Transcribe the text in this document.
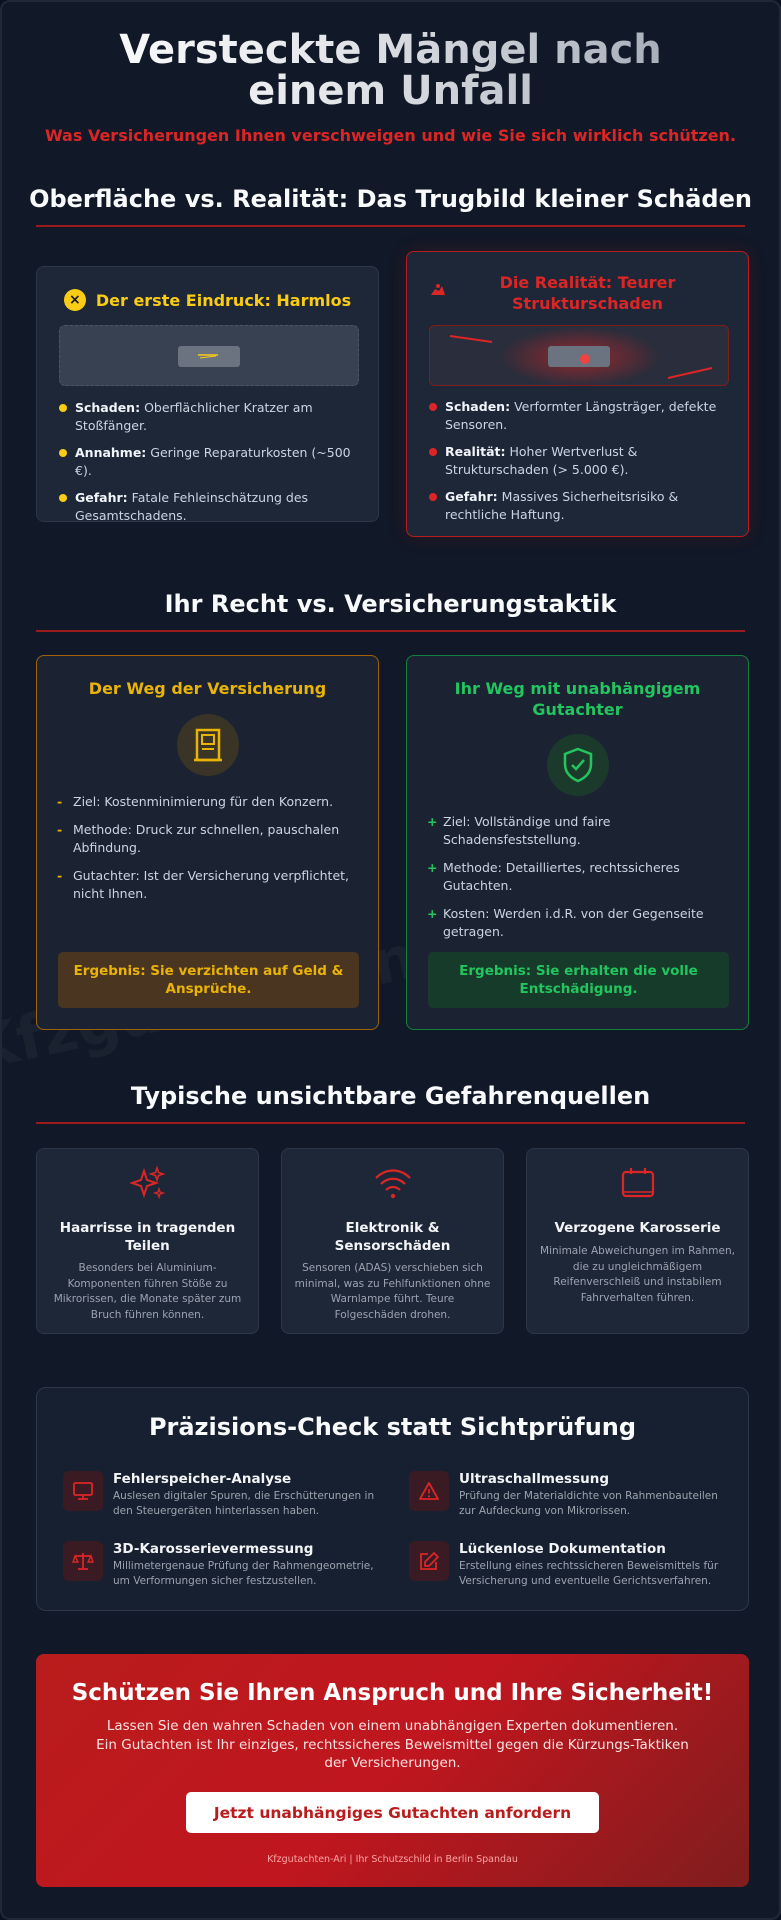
Versteckte Mängel nach einem Unfall
Was Versicherungen Ihnen verschweigen und wie Sie sich wirklich schützen.
Oberfläche vs. Realität: Das Trugbild kleiner Schäden
× Der erste Eindruck: Harmlos
Schaden: Oberflächlicher Kratzer am Stoßfänger.
Annahme: Geringe Reparaturkosten (~500 €).
Gefahr: Fatale Fehleinschätzung des Gesamtschadens.
Die Realität: Teurer Strukturschaden
Schaden: Verformter Längsträger, defekte Sensoren.
Realität: Hoher Wertverlust & Strukturschaden (> 5.000 €).
Gefahr: Massives Sicherheitsrisiko & rechtliche Haftung.
Ihr Recht vs. Versicherungstaktik
Der Weg der Versicherung
- Ziel: Kostenminimierung für den Konzern.
- Methode: Druck zur schnellen, pauschalen Abfindung.
- Gutachter: Ist der Versicherung verpflichtet, nicht Ihnen.
Ergebnis: Sie verzichten auf Geld & Ansprüche.
Ihr Weg mit unabhängigem Gutachter
+ Ziel: Vollständige und faire Schadensfeststellung.
+ Methode: Detailliertes, rechtssicheres Gutachten.
+ Kosten: Werden i.d.R. von der Gegenseite getragen.
Ergebnis: Sie erhalten die volle Entschädigung.
Typische unsichtbare Gefahrenquellen
Haarrisse in tragenden Teilen
Besonders bei Aluminium-Komponenten führen Stöße zu Mikrorissen, die Monate später zum Bruch führen können.
Elektronik & Sensorschäden
Sensoren (ADAS) verschieben sich minimal, was zu Fehlfunktionen ohne Warnlampe führt. Teure Folgeschäden drohen.
Verzogene Karosserie
Minimale Abweichungen im Rahmen, die zu ungleichmäßigem Reifenverschleiß und instabilem Fahrverhalten führen.
Präzisions-Check statt Sichtprüfung
Fehlerspeicher-Analyse
Auslesen digitaler Spuren, die Erschütterungen in den Steuergeräten hinterlassen haben.
Ultraschallmessung
Prüfung der Materialdichte von Rahmenbauteilen zur Aufdeckung von Mikrorissen.
3D-Karosserievermessung
Millimetergenaue Prüfung der Rahmengeometrie, um Verformungen sicher festzustellen.
Lückenlose Dokumentation
Erstellung eines rechtssicheren Beweismittels für Versicherung und eventuelle Gerichtsverfahren.
Schützen Sie Ihren Anspruch und Ihre Sicherheit!
Lassen Sie den wahren Schaden von einem unabhängigen Experten dokumentieren. Ein Gutachten ist Ihr einziges, rechtssicheres Beweismittel gegen die Kürzungs-Taktiken der Versicherungen.
Jetzt unabhängiges Gutachten anfordern
Kfzgutachten-Ari | Ihr Schutzschild in Berlin Spandau
